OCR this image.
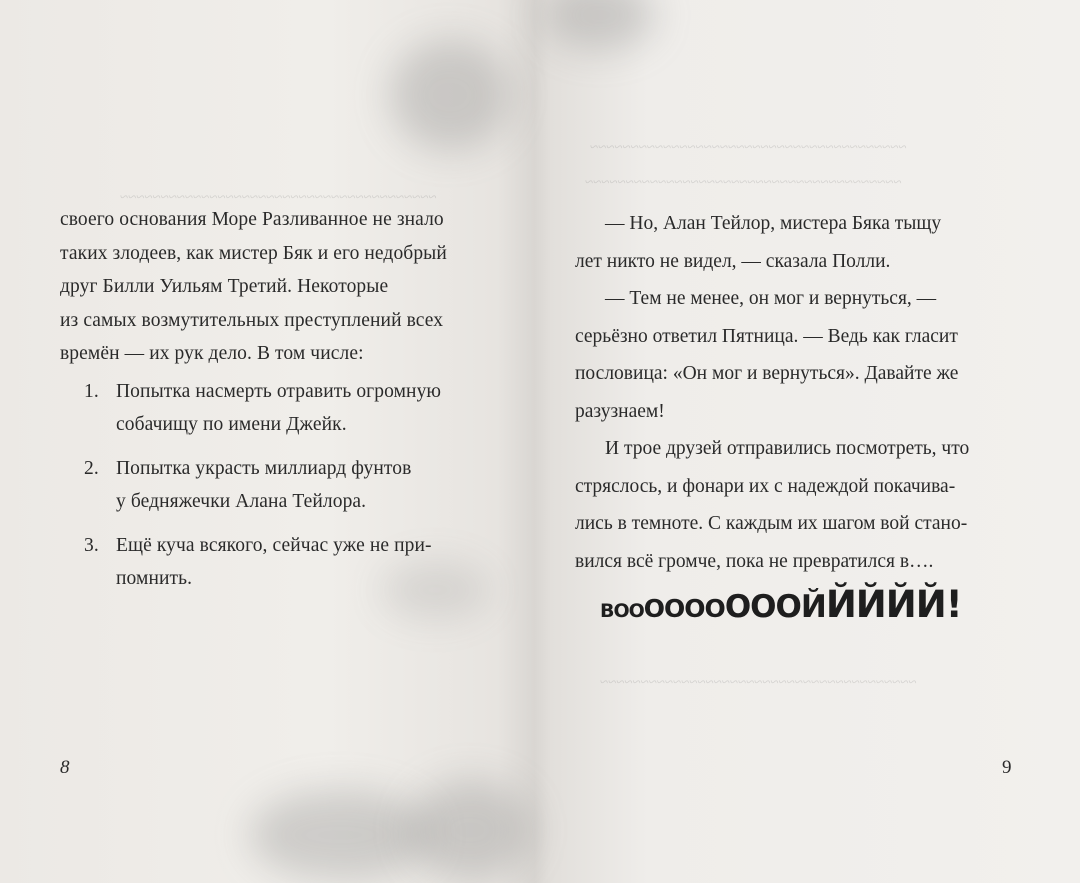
~~~~~~~~~~~~~~~~~~~~~~~~~~~~~~~~~~~~~~~
~~~~~~~~~~~~~~~~~~~~~~~~~~~~~~~~~~~~~~~
~~~~~~~~~~~~~~~~~~~~~~~~~~~~~~~~~~~~~~~
~~~~~~~~~~~~~~~~~~~~~~~~~~~~~~~~~~~~~~~

своего основания Море Разливанное не знало
таких злодеев, как мистер Бяк и его недобрый
друг Билли Уильям Третий. Некоторые
из самых возмутительных преступлений всех
времён — их рук дело. В том числе:

1. Попытка насмерть отравить огромную
собачищу по имени Джейк.
2. Попытка украсть миллиард фунтов
у бедняжечки Алана Тейлора.
3. Ещё куча всякого, сейчас уже не при-
помнить.
8

— Но, Алан Тейлор, мистера Бяка тыщу
лет никто не видел, — сказала Полли.

— Тем не менее, он мог и вернуться, —
серьёзно ответил Пятница. — Ведь как гласит
пословица: «Он мог и вернуться». Давайте же
разузнаем!

И трое друзей отправились посмотреть, что
стряслось, и фонари их с надеждой покачива-
лись в темноте. С каждым их шагом вой стано-
вился всё громче, пока не превратился в….

9
ВОООООООООЙЙЙЙЙ!
